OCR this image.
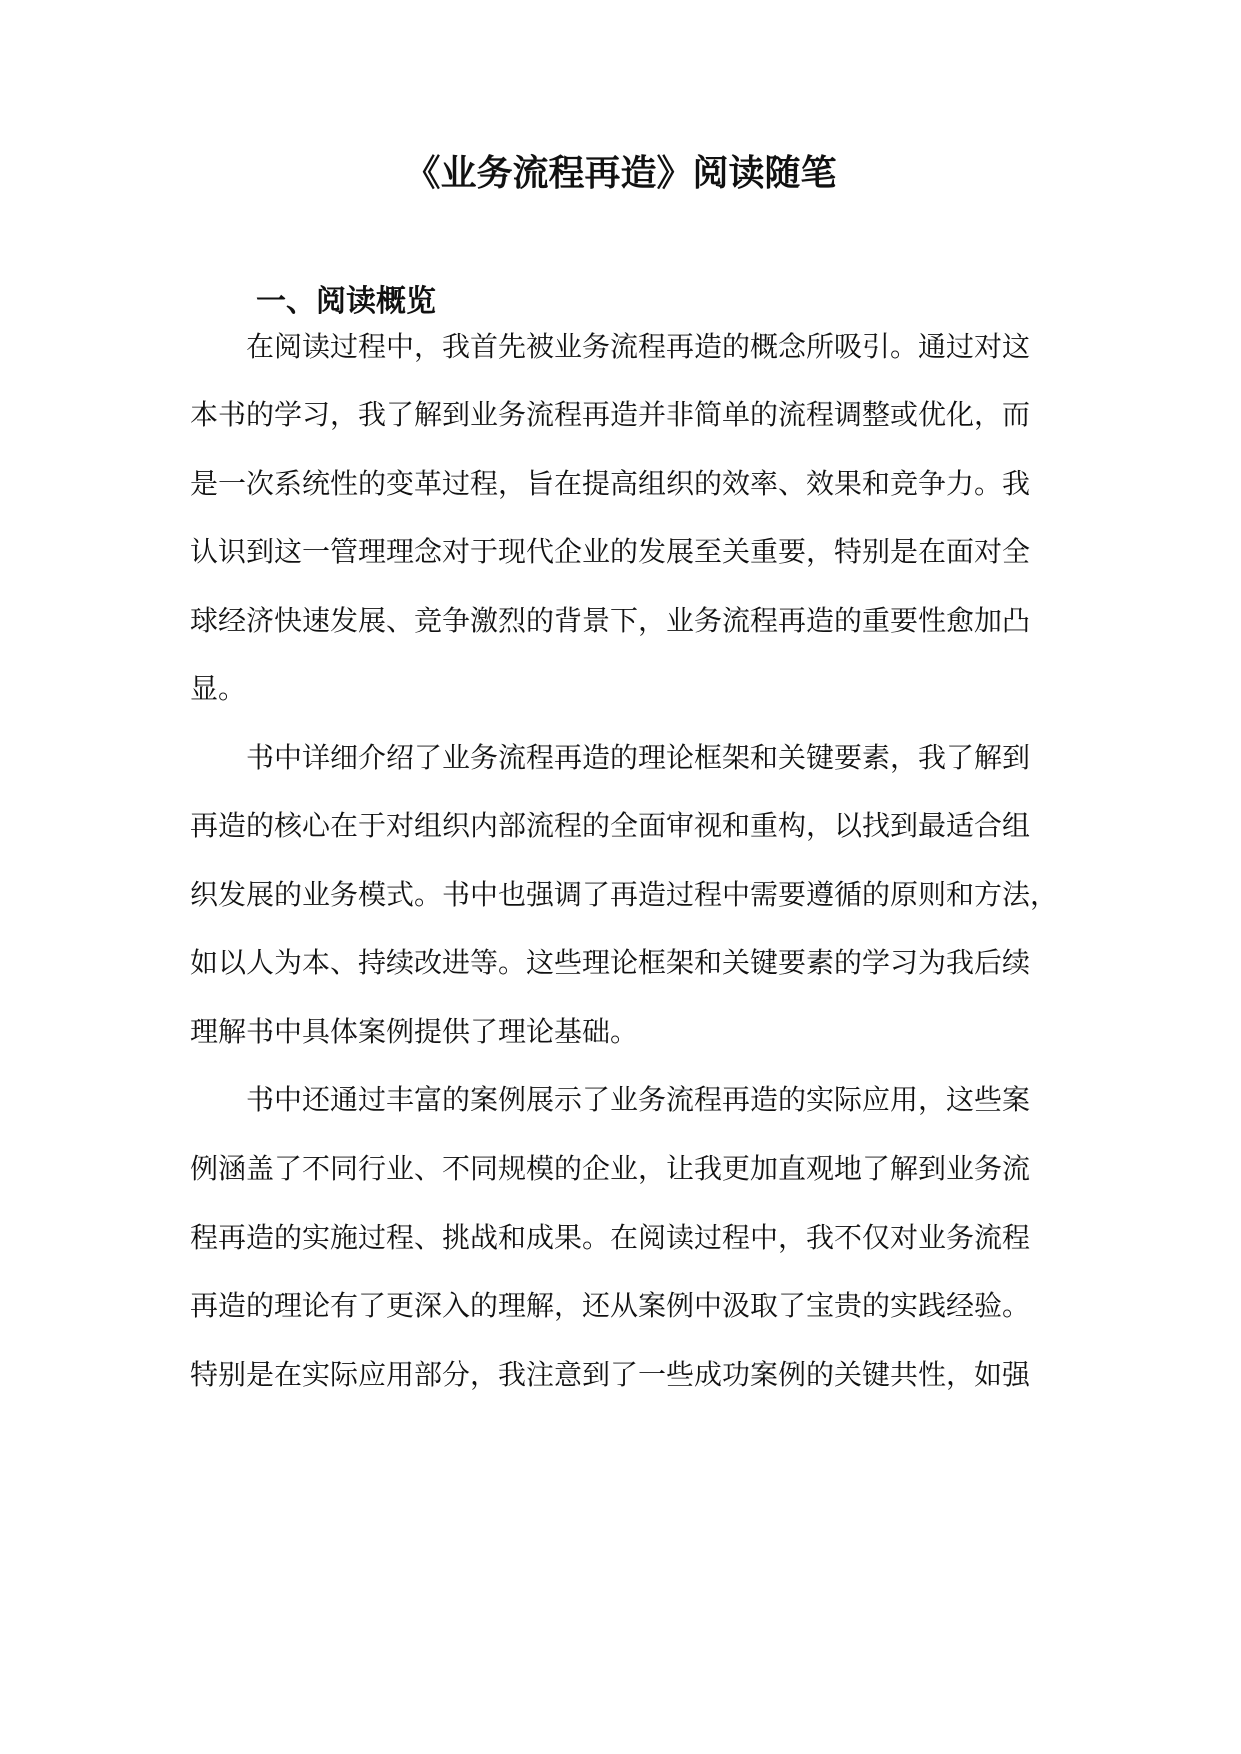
《业务流程再造》阅读随笔
一、阅读概览
在阅读过程中，我首先被业务流程再造的概念所吸引。通过对这
本书的学习，我了解到业务流程再造并非简单的流程调整或优化，而
是一次系统性的变革过程，旨在提高组织的效率、效果和竞争力。我
认识到这一管理理念对于现代企业的发展至关重要，特别是在面对全
球经济快速发展、竞争激烈的背景下，业务流程再造的重要性愈加凸
显。
书中详细介绍了业务流程再造的理论框架和关键要素，我了解到
再造的核心在于对组织内部流程的全面审视和重构，以找到最适合组
织发展的业务模式。书中也强调了再造过程中需要遵循的原则和方法，
如以人为本、持续改进等。这些理论框架和关键要素的学习为我后续
理解书中具体案例提供了理论基础。
书中还通过丰富的案例展示了业务流程再造的实际应用，这些案
例涵盖了不同行业、不同规模的企业，让我更加直观地了解到业务流
程再造的实施过程、挑战和成果。在阅读过程中，我不仅对业务流程
再造的理论有了更深入的理解，还从案例中汲取了宝贵的实践经验。
特别是在实际应用部分，我注意到了一些成功案例的关键共性，如强
